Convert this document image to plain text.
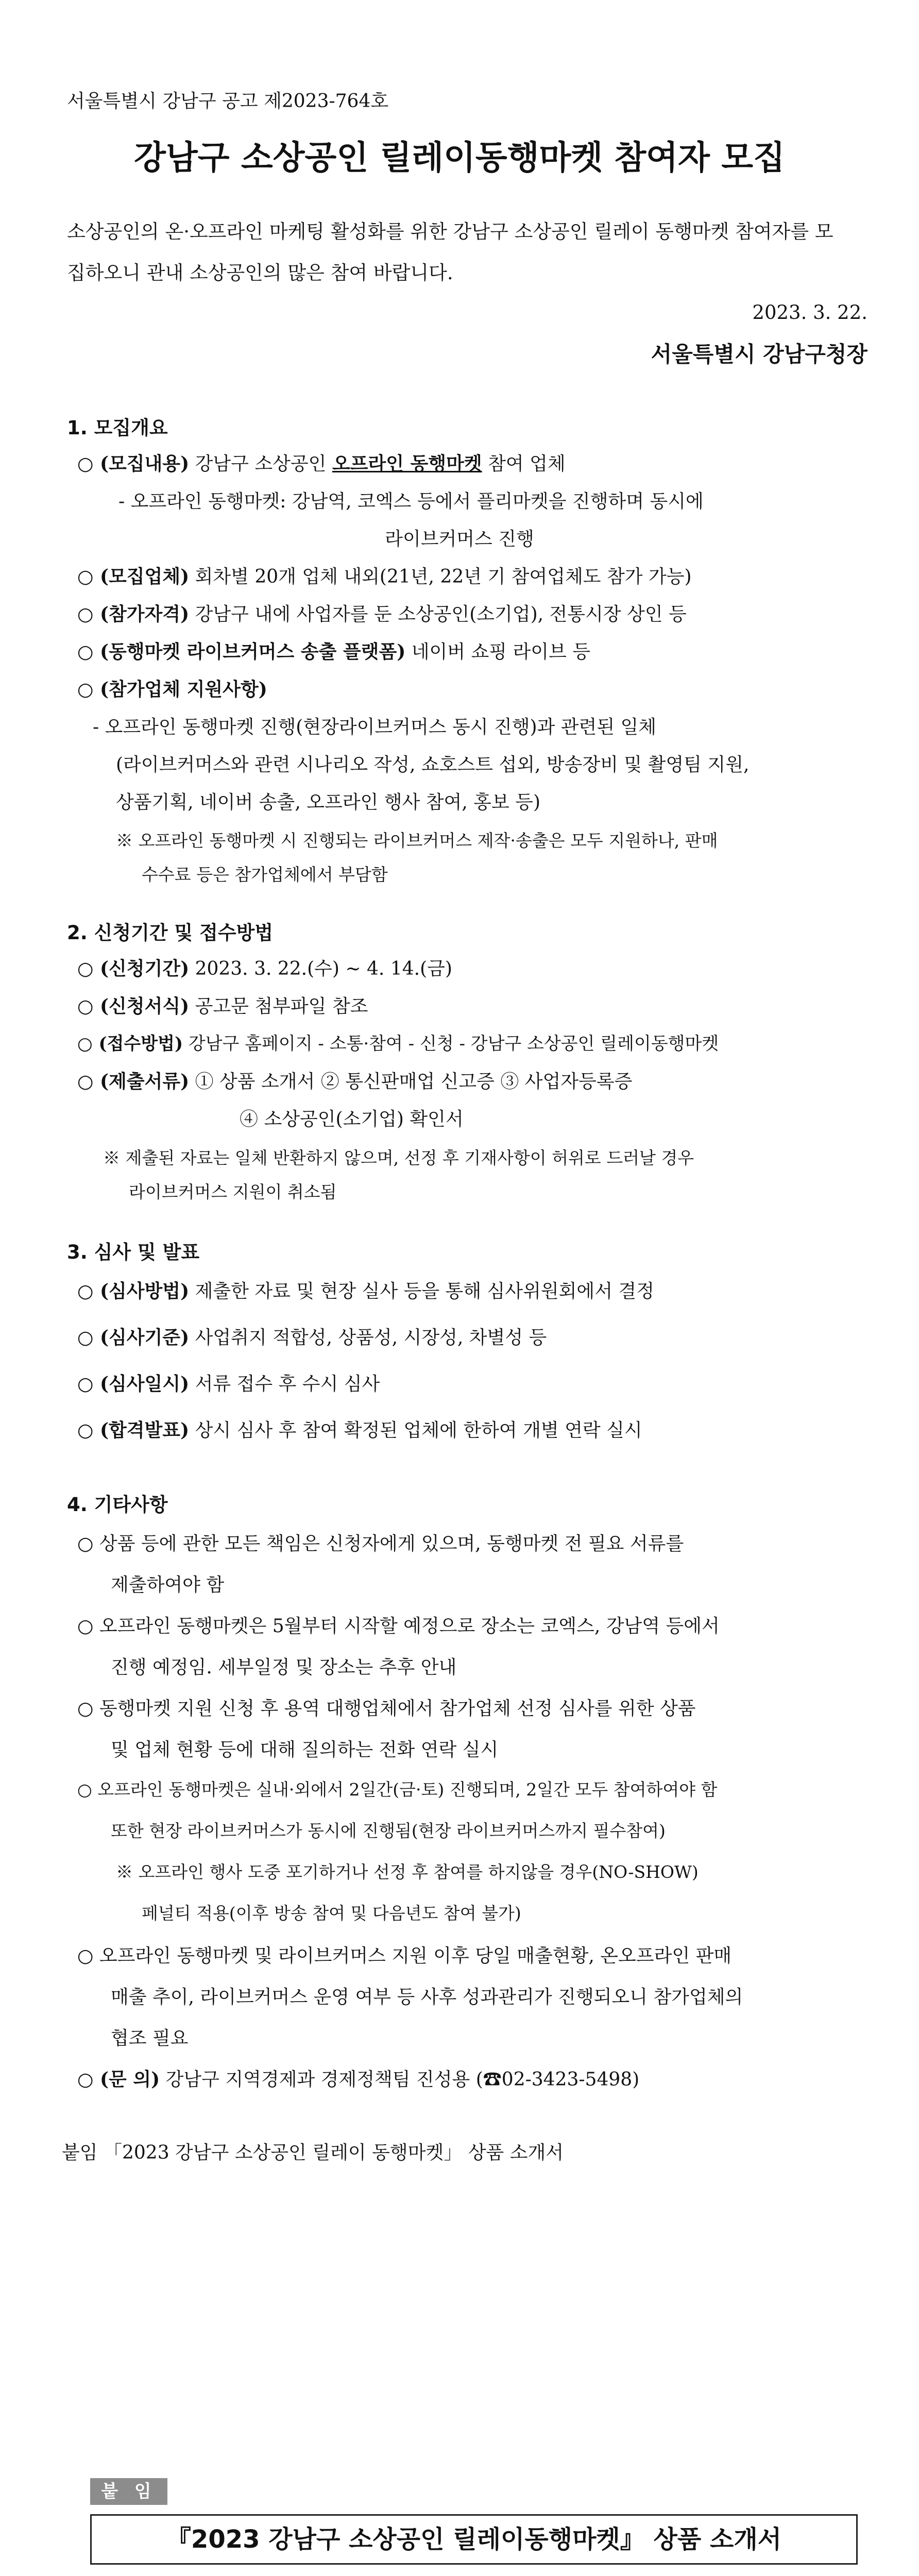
서울특별시 강남구 공고 제2023-764호
강남구 소상공인 릴레이동행마켓 참여자 모집
소상공인의 온·오프라인 마케팅 활성화를 위한 강남구 소상공인 릴레이 동행마켓 참여자를 모집하오니 관내 소상공인의 많은 참여 바랍니다.
2023. 3. 22.
서울특별시 강남구청장
1. 모집개요
○ (모집내용) 강남구 소상공인 오프라인 동행마켓 참여 업체
- 오프라인 동행마켓: 강남역, 코엑스 등에서 플리마켓을 진행하며 동시에
라이브커머스 진행
○ (모집업체) 회차별 20개 업체 내외(21년, 22년 기 참여업체도 참가 가능)
○ (참가자격) 강남구 내에 사업자를 둔 소상공인(소기업), 전통시장 상인 등
○ (동행마켓 라이브커머스 송출 플랫폼) 네이버 쇼핑 라이브 등
○ (참가업체 지원사항)
- 오프라인 동행마켓 진행(현장라이브커머스 동시 진행)과 관련된 일체
(라이브커머스와 관련 시나리오 작성, 쇼호스트 섭외, 방송장비 및 촬영팀 지원,
상품기획, 네이버 송출, 오프라인 행사 참여, 홍보 등)
※ 오프라인 동행마켓 시 진행되는 라이브커머스 제작·송출은 모두 지원하나, 판매
수수료 등은 참가업체에서 부담함
2. 신청기간 및 접수방법
○ (신청기간) 2023. 3. 22.(수) ~ 4. 14.(금)
○ (신청서식) 공고문 첨부파일 참조
○ (접수방법) 강남구 홈페이지 - 소통·참여 - 신청 - 강남구 소상공인 릴레이동행마켓
○ (제출서류) ① 상품 소개서 ② 통신판매업 신고증 ③ 사업자등록증
④ 소상공인(소기업) 확인서
※ 제출된 자료는 일체 반환하지 않으며, 선정 후 기재사항이 허위로 드러날 경우
라이브커머스 지원이 취소됨
3. 심사 및 발표
○ (심사방법) 제출한 자료 및 현장 실사 등을 통해 심사위원회에서 결정
○ (심사기준) 사업취지 적합성, 상품성, 시장성, 차별성 등
○ (심사일시) 서류 접수 후 수시 심사
○ (합격발표) 상시 심사 후 참여 확정된 업체에 한하여 개별 연락 실시
4. 기타사항
○ 상품 등에 관한 모든 책임은 신청자에게 있으며, 동행마켓 전 필요 서류를
제출하여야 함
○ 오프라인 동행마켓은 5월부터 시작할 예정으로 장소는 코엑스, 강남역 등에서
진행 예정임. 세부일정 및 장소는 추후 안내
○ 동행마켓 지원 신청 후 용역 대행업체에서 참가업체 선정 심사를 위한 상품
및 업체 현황 등에 대해 질의하는 전화 연락 실시
○ 오프라인 동행마켓은 실내·외에서 2일간(금·토) 진행되며, 2일간 모두 참여하여야 함
또한 현장 라이브커머스가 동시에 진행됨(현장 라이브커머스까지 필수참여)
※ 오프라인 행사 도중 포기하거나 선정 후 참여를 하지않을 경우(NO-SHOW)
페널티 적용(이후 방송 참여 및 다음년도 참여 불가)
○ 오프라인 동행마켓 및 라이브커머스 지원 이후 당일 매출현황, 온오프라인 판매
매출 추이, 라이브커머스 운영 여부 등 사후 성과관리가 진행되오니 참가업체의
협조 필요
○ (문 의) 강남구 지역경제과 경제정책팀 진성용 (☎02-3423-5498)
붙임 「2023 강남구 소상공인 릴레이 동행마켓」 상품 소개서
붙 임
『2023 강남구 소상공인 릴레이동행마켓』 상품 소개서
